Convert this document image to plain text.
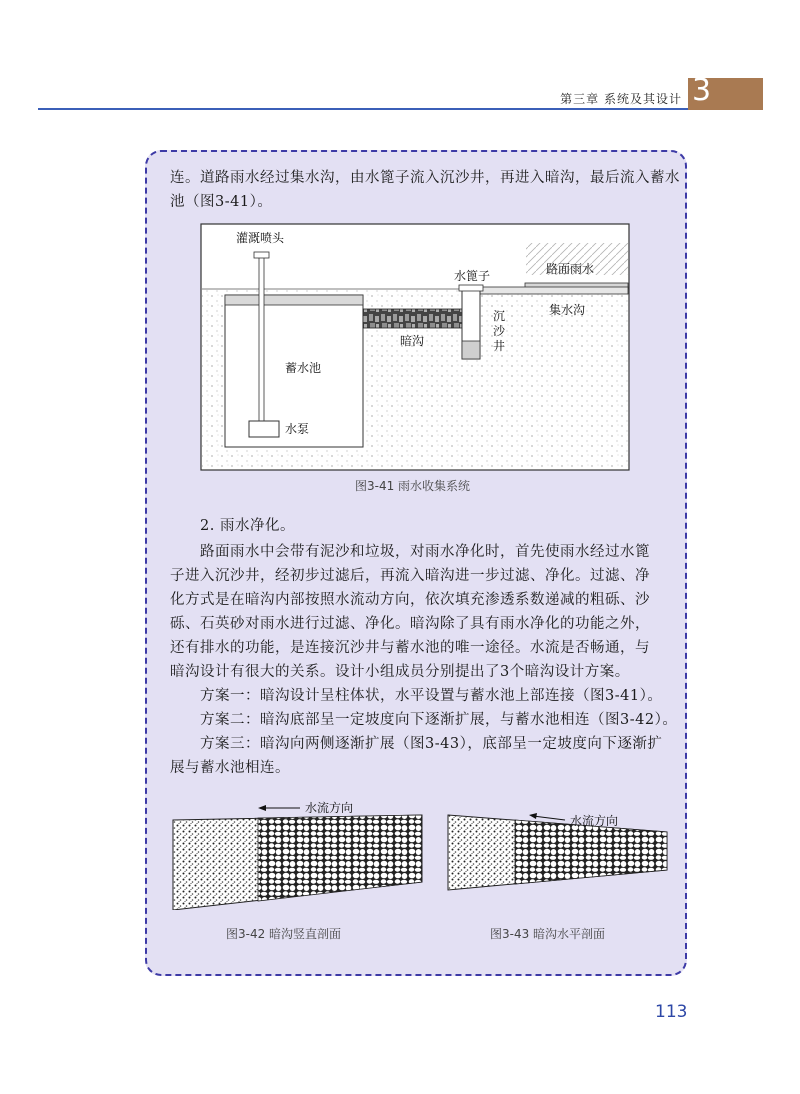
第三章 系统及其设计 3
连。道路雨水经过集水沟，由水篦子流入沉沙井，再进入暗沟，最后流入蓄水
池（图3-41）。
灌溉喷头
水篦子	路面雨水
集水沟
沉
沙
井
暗沟
蓄水池
水泵
图3-41 雨水收集系统
2. 雨水净化。
路面雨水中会带有泥沙和垃圾，对雨水净化时，首先使雨水经过水篦
子进入沉沙井，经初步过滤后，再流入暗沟进一步过滤、净化。过滤、净
化方式是在暗沟内部按照水流动方向，依次填充渗透系数递减的粗砾、沙
砾、石英砂对雨水进行过滤、净化。暗沟除了具有雨水净化的功能之外，
还有排水的功能，是连接沉沙井与蓄水池的唯一途径。水流是否畅通，与
暗沟设计有很大的关系。设计小组成员分别提出了3个暗沟设计方案。
方案一：暗沟设计呈柱体状，水平设置与蓄水池上部连接（图3-41）。
方案二：暗沟底部呈一定坡度向下逐渐扩展，与蓄水池相连（图3-42）。
方案三：暗沟向两侧逐渐扩展（图3-43），底部呈一定坡度向下逐渐扩
展与蓄水池相连。
水流方向
图3-42 暗沟竖直剖面
水流方向
图3-43 暗沟水平剖面
113
